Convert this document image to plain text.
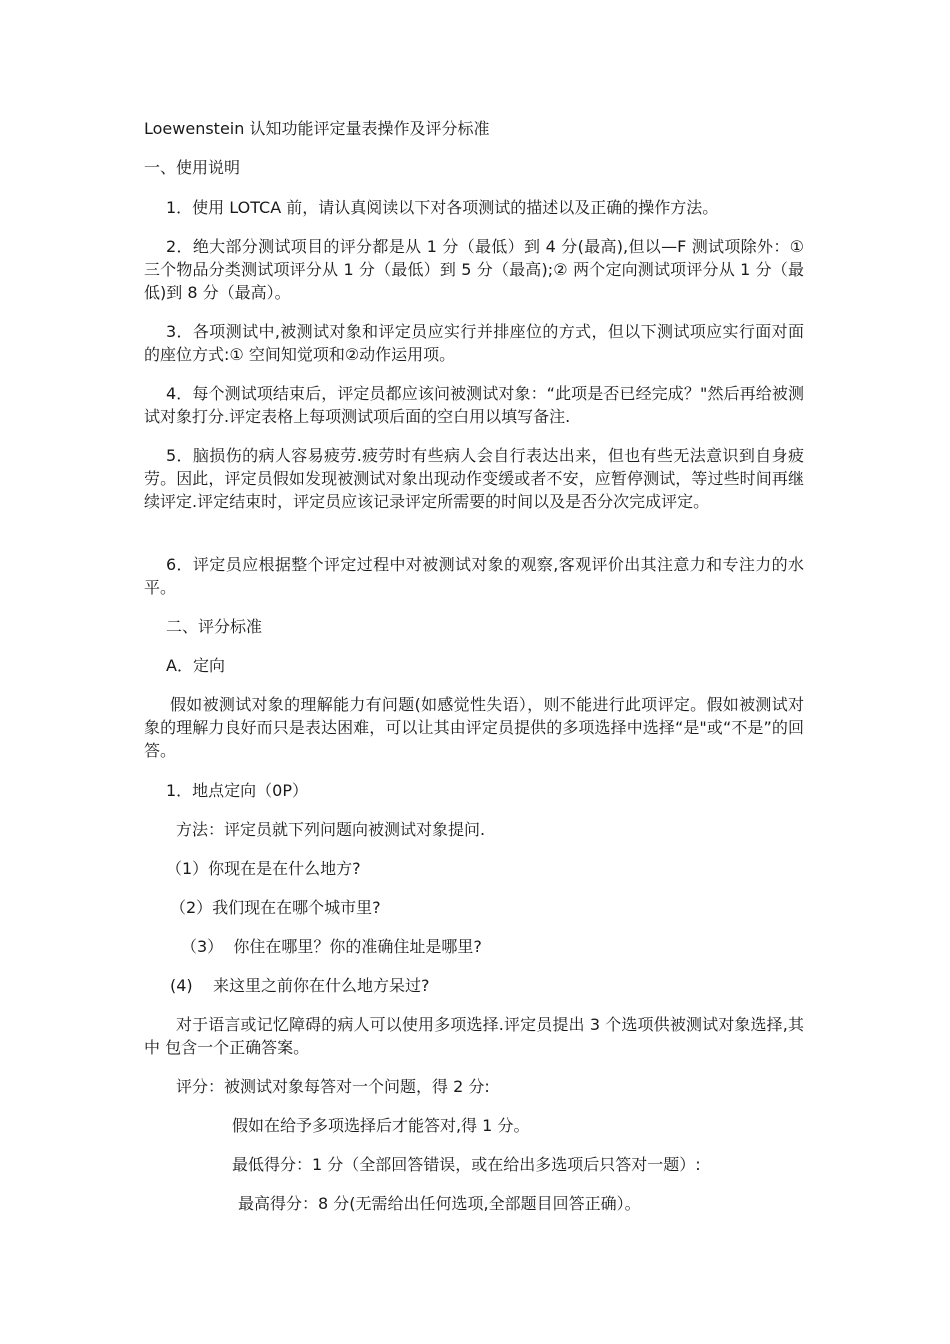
Loewenstein 认知功能评定量表操作及评分标准
一、使用说明
1．使用 LOTCA 前，请认真阅读以下对各项测试的描述以及正确的操作方法。
2．绝大部分测试项目的评分都是从 1 分（最低）到 4 分(最高),但以—F 测试项除外：①三个物品分类测试项评分从 1 分（最低）到 5 分（最高);② 两个定向测试项评分从 1 分（最低)到 8 分（最高）。
3．各项测试中,被测试对象和评定员应实行并排座位的方式，但以下测试项应实行面对面的座位方式:① 空间知觉项和②动作运用项。
4．每个测试项结束后，评定员都应该问被测试对象：“此项是否已经完成？"然后再给被测试对象打分.评定表格上每项测试项后面的空白用以填写备注.
5．脑损伤的病人容易疲劳.疲劳时有些病人会自行表达出来，但也有些无法意识到自身疲劳。因此，评定员假如发现被测试对象出现动作变缓或者不安，应暂停测试，等过些时间再继续评定.评定结束时，评定员应该记录评定所需要的时间以及是否分次完成评定。
6．评定员应根据整个评定过程中对被测试对象的观察,客观评价出其注意力和专注力的水平。
二、评分标准
A．定向
假如被测试对象的理解能力有问题(如感觉性失语），则不能进行此项评定。假如被测试对象的理解力良好而只是表达困难，可以让其由评定员提供的多项选择中选择“是"或“不是”的回答。
1．地点定向（0P）
方法：评定员就下列问题向被测试对象提问.
（1）你现在是在什么地方?
（2）我们现在在哪个城市里?
（3）  你住在哪里？你的准确住址是哪里?
(4)    来这里之前你在什么地方呆过?
对于语言或记忆障碍的病人可以使用多项选择.评定员提出 3 个选项供被测试对象选择,其中 包含一个正确答案。
评分：被测试对象每答对一个问题，得 2 分:
假如在给予多项选择后才能答对,得 1 分。
最低得分：1 分（全部回答错误，或在给出多选项后只答对一题）:
最高得分：8 分(无需给出任何选项,全部题目回答正确）。
